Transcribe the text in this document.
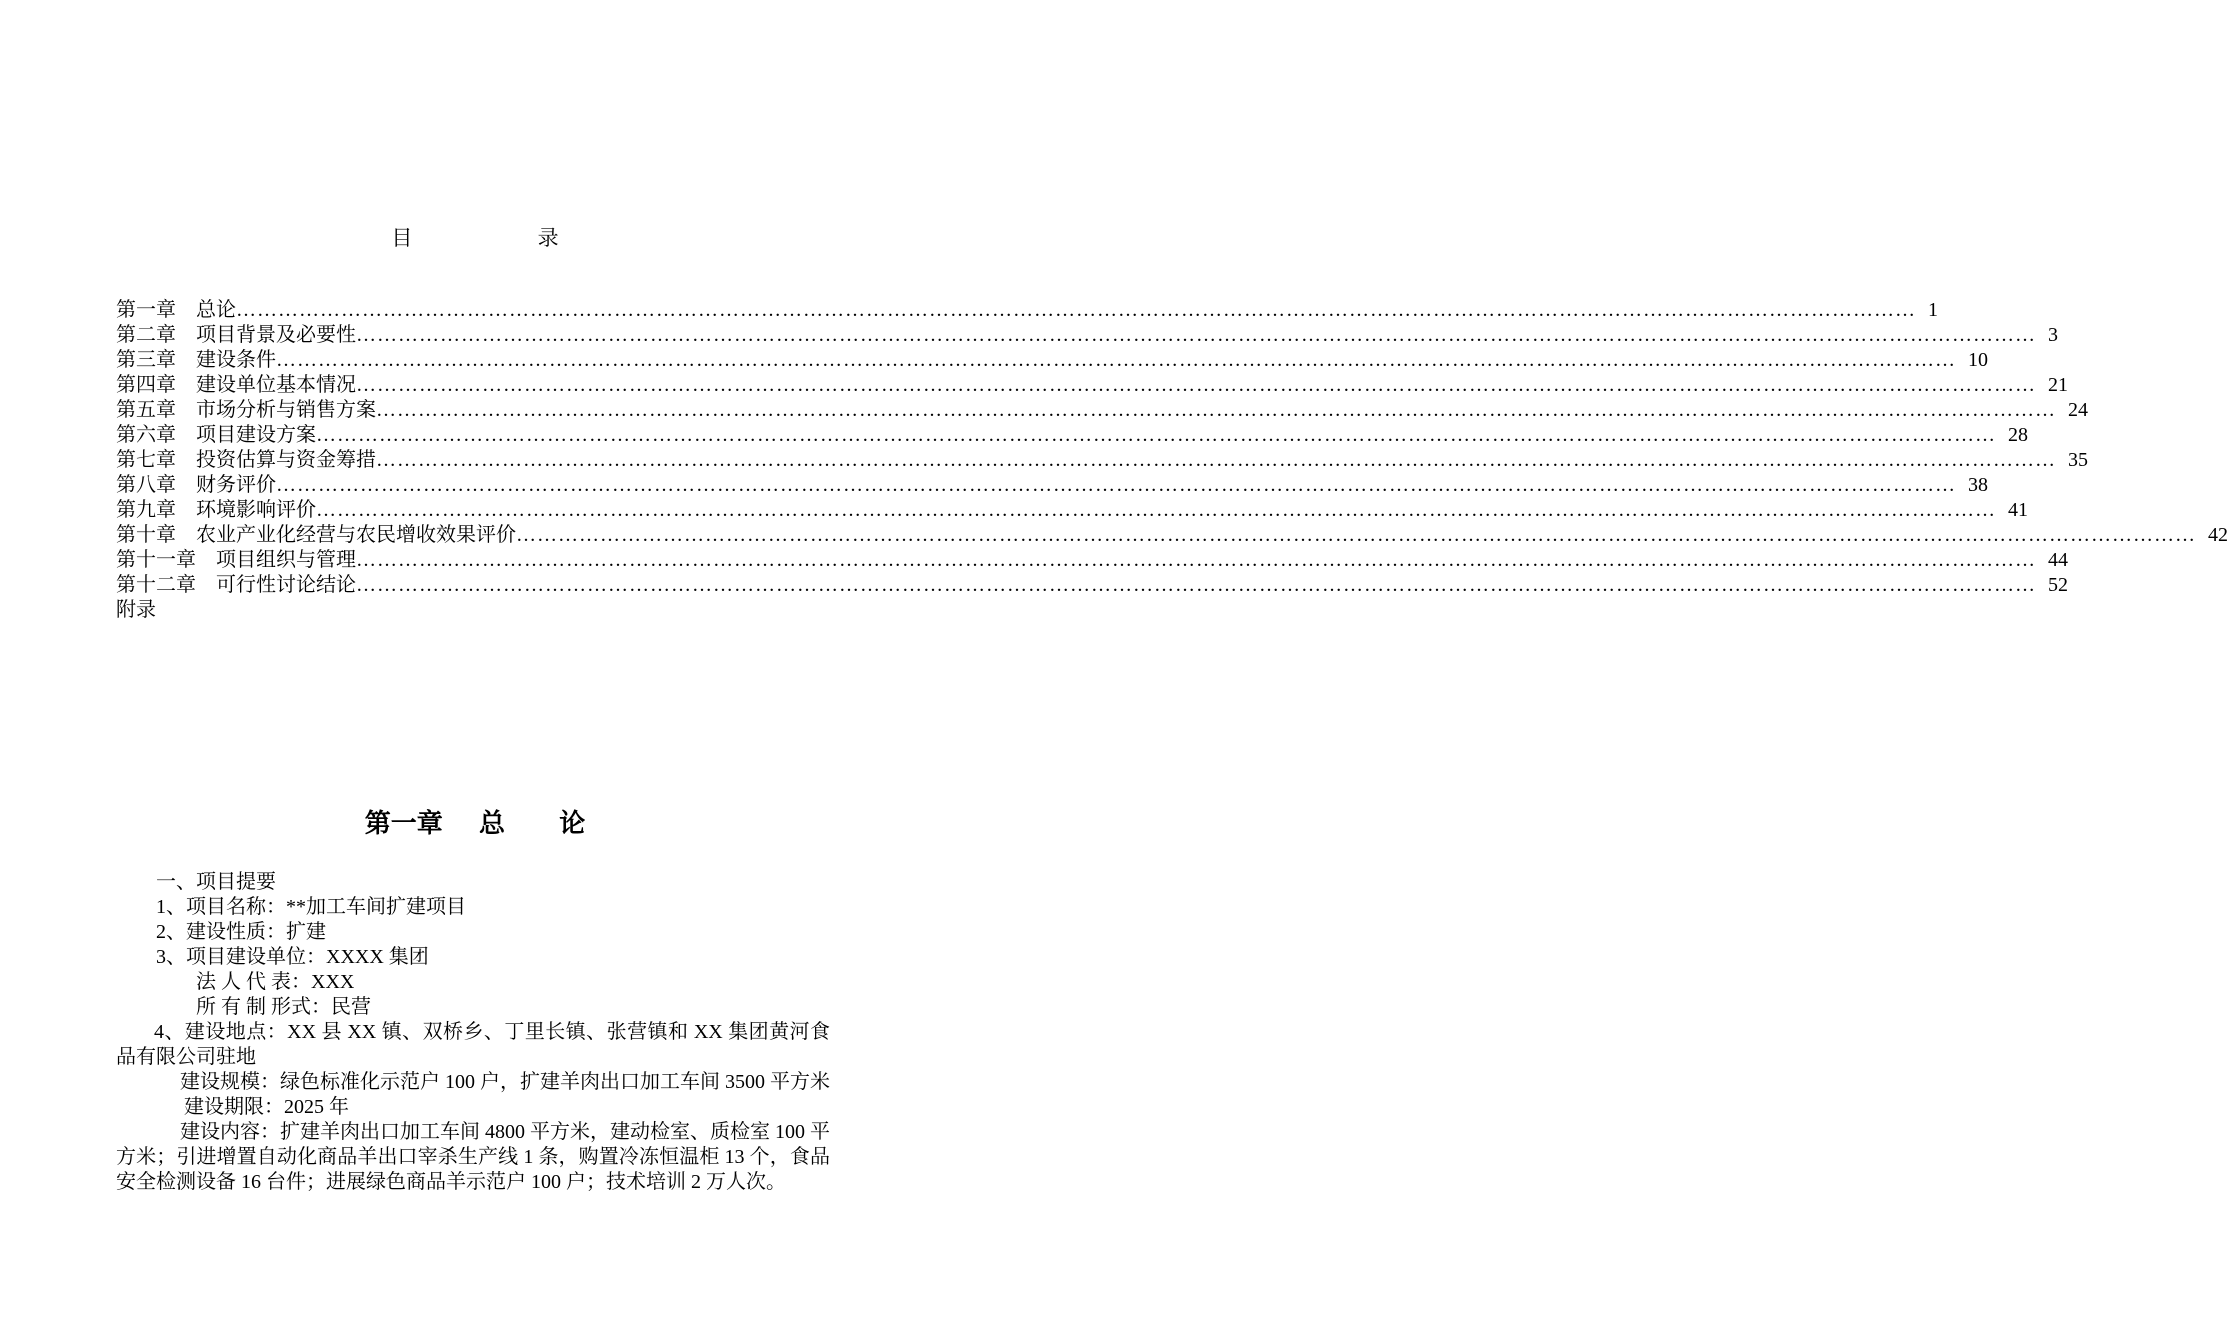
目 录
第一章
　 总论 …………………………………………………………………………………………………………………………………………………………………………………………………………………… 1
第二章
　 项目背景及必要性 …………………………………………………………………………………………………………………………………………………………………………………………………………………… 3
第三章
　 建设条件 …………………………………………………………………………………………………………………………………………………………………………………………………………………… 10
第四章
　 建设单位基本情况 …………………………………………………………………………………………………………………………………………………………………………………………………………………… 21
第五章
　 市场分析与销售方案 …………………………………………………………………………………………………………………………………………………………………………………………………………………… 24
第六章
　 项目建设方案 …………………………………………………………………………………………………………………………………………………………………………………………………………………… 28
第七章
　 投资估算与资金筹措 …………………………………………………………………………………………………………………………………………………………………………………………………………………… 35
第八章
　 财务评价 …………………………………………………………………………………………………………………………………………………………………………………………………………………… 38
第九章
　 环境影响评价 …………………………………………………………………………………………………………………………………………………………………………………………………………………… 41
第十章
　 农业产业化经营与农民增收效果评价 …………………………………………………………………………………………………………………………………………………………………………………………………………………… 42
第十一章
　 项目组织与管理 …………………………………………………………………………………………………………………………………………………………………………………………………………………… 44
第十二章
　 可行性讨论结论 …………………………………………………………………………………………………………………………………………………………………………………………………………………… 52
附录
第一章 总 论

一、项目提要

1、项目名称：**加工车间扩建项目

2、建设性质：扩建

3、项目建设单位：XXXX 集团

法 人 代 表：XXX

所 有 制 形式：民营

4、建设地点：XX 县 XX 镇、双桥乡、丁里长镇、张营镇和 XX 集团黄河食品有限公司驻地

建设规模：绿色标准化示范户 100 户，扩建羊肉出口加工车间 3500 平方米

建设期限：2025 年

建设内容：扩建羊肉出口加工车间 4800 平方米，建动检室、质检室 100 平方米；引进增置自动化商品羊出口宰杀生产线 1 条，购置冷冻恒温柜 13 个，食品安全检测设备 16 台件；进展绿色商品羊示范户 100 户；技术培训 2 万人次。
